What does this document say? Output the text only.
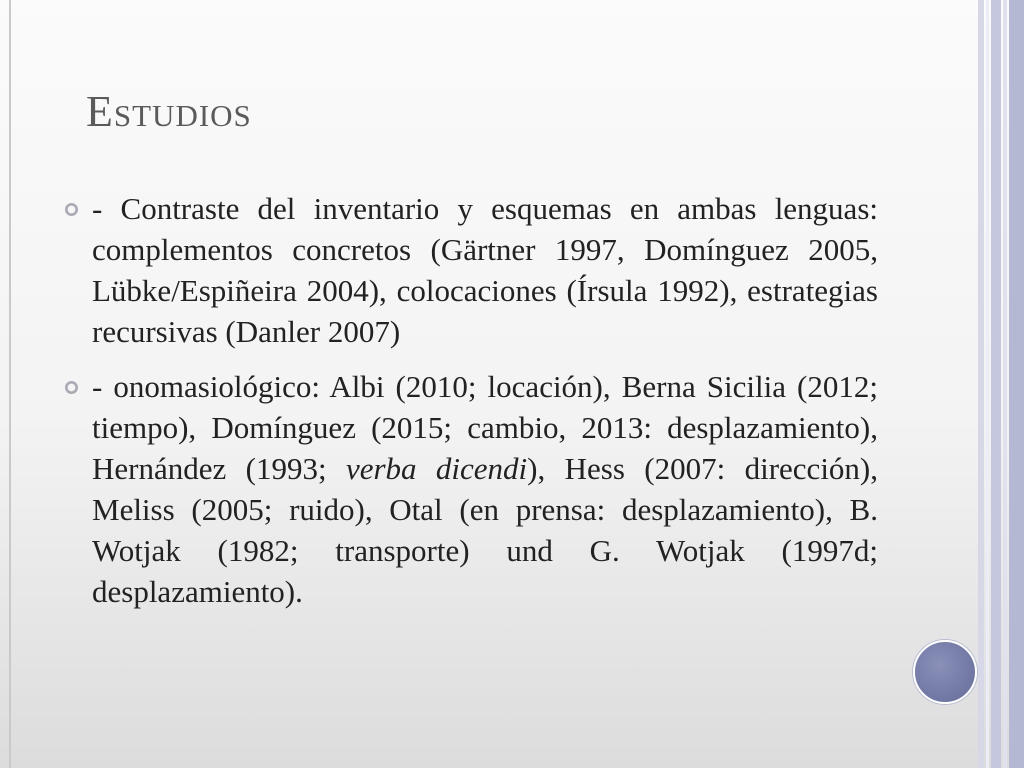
Estudios

- Contraste del inventario y esquemas en ambas lenguas: complementos concretos (Gärtner 1997, Domínguez 2005, Lübke/Espiñeira 2004), colocaciones (Írsula 1992), estrategias recursivas (Danler 2007)

- onomasiológico: Albi (2010; locación), Berna Sicilia (2012; tiempo), Domínguez (2015; cambio, 2013: desplazamiento), Hernández (1993; verba dicendi), Hess (2007: dirección), Meliss (2005; ruido), Otal (en prensa: desplazamiento), B. Wotjak (1982; transporte) und G. Wotjak (1997d; desplazamiento).
